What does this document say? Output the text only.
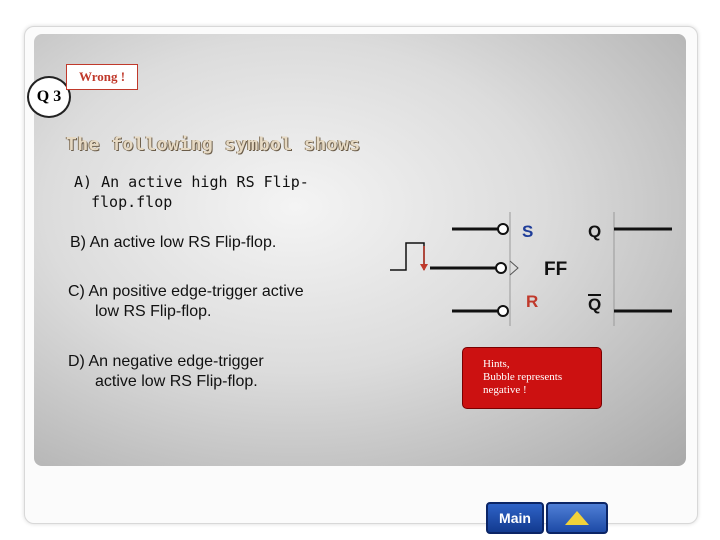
Q 3
Wrong !
The following symbol shows
A) An active high RS Flip-
flop.flop
B) An active low RS Flip-flop.
C) An positive edge-trigger active
low RS Flip-flop.
D) An negative edge-trigger
active low RS Flip-flop.
S	Q
FF
R	Q
Hints,
Bubble represents
negative !
Main
